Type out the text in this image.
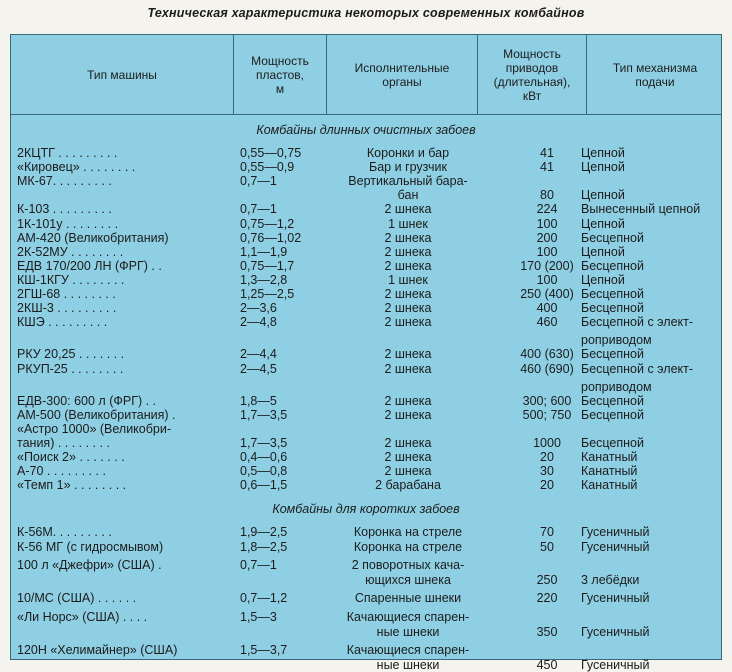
Техническая характеристика некоторых современных комбайнов
Тип машины
Мощность
пластов,
м
Исполнительные
органы
Мощность
приводов
(длительная),
кВт
Тип механизма
подачи
Комбайны длинных очистных забоев
2КЦТГ . . . . . . . . .	0,55—0,75	Коронки и бар	41	Цепной
«Кировец» . . . . . . . .	0,55—0,9	Бар и грузчик	41	Цепной
МК-67. . . . . . . . .	0,7—1	Вертикальный бара-
бан	80	Цепной
К-103 . . . . . . . . .	0,7—1	2 шнека	224	Вынесенный цепной
1К-101у . . . . . . . .	0,75—1,2	1 шнек	100	Цепной
АМ-420 (Великобритания)	0,76—1,02	2 шнека	200	Бесцепной
2К-52МУ . . . . . . . .	1,1—1,9	2 шнека	100	Цепной
ЕДВ 170/200 ЛН (ФРГ) . .	0,75—1,7	2 шнека	170 (200) Бесцепной
КШ-1КГУ . . . . . . . .	1,3—2,8	1 шнек	100	Цепной
2ГШ-68 . . . . . . . .	1,25—2,5	2 шнека	250 (400) Бесцепной
2КШ-3 . . . . . . . . .	2—3,6	2 шнека	400	Бесцепной
КШЭ . . . . . . . . .	2—4,8	2 шнека	460	Бесцепной с элект-
роприводом
РКУ 20,25 . . . . . . .	2—4,4	2 шнека	400 (630) Бесцепной
РКУП-25 . . . . . . . .	2—4,5	2 шнека	460 (690) Бесцепной с элект-
роприводом
ЕДВ-300: 600 л (ФРГ) . .	1,8—5	2 шнека	300; 600 Бесцепной
АМ-500 (Великобритания) .	1,7—3,5	2 шнека	500; 750 Бесцепной
«Астро 1000» (Великобри-
тания) . . . . . . . .	1,7—3,5	2 шнека	1000	Бесцепной
«Поиск 2» . . . . . . .	0,4—0,6	2 шнека	20	Канатный
А-70 . . . . . . . . .	0,5—0,8	2 шнека	30	Канатный
«Темп 1» . . . . . . . .	0,6—1,5	2 барабана	20	Канатный
Комбайны для коротких забоев
К-56М. . . . . . . . .	1,9—2,5	Коронка на стреле	70	Гусеничный
К-56 МГ (с гидросмывом)	1,8—2,5	Коронка на стреле	50	Гусеничный
100 л «Джефри» (США) .	0,7—1	2 поворотных кача-
ющихся шнека	250	3 лебёдки
10/МС (США) . . . . . .	0,7—1,2	Спаренные шнеки	220	Гусеничный
«Ли Норс» (США) . . . .	1,5—3	Качающиеся спарен-
ные шнеки	350	Гусеничный
120Н «Хелимайнер» (США)	1,5—3,7	Качающиеся спарен-
ные шнеки	450	Гусеничный
